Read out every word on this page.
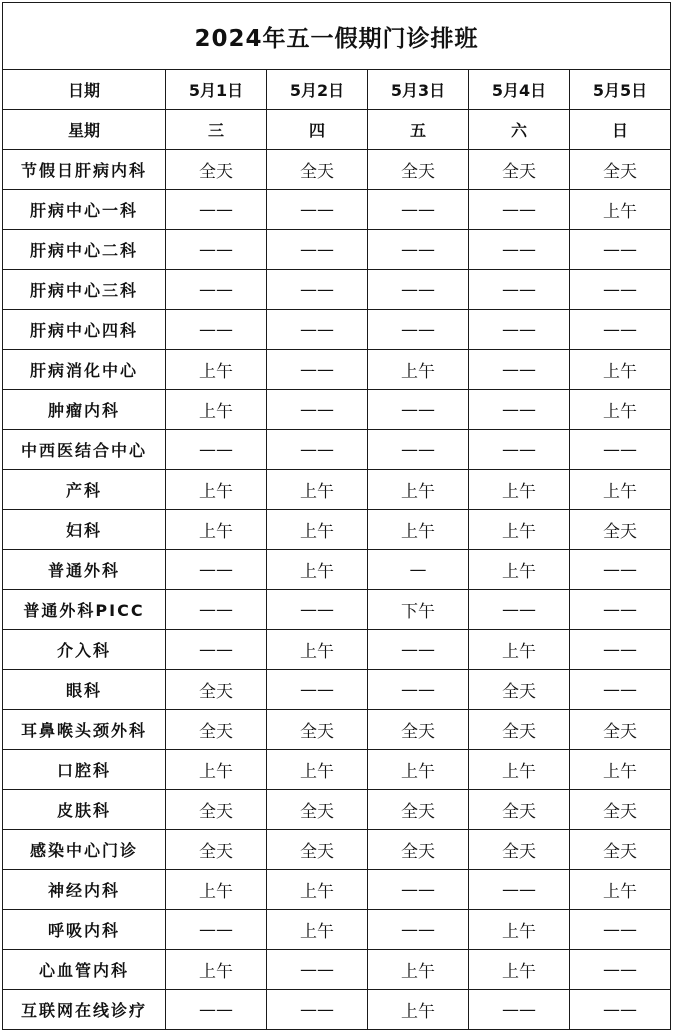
2024年五一假期门诊排班					
日期	5月1日	5月2日	5月3日	5月4日	5月5日
星期	三	四	五	六	日
节假日肝病内科	全天	全天	全天	全天	全天
肝病中心一科	——	——	——	——	上午
肝病中心二科	——	——	——	——	——
肝病中心三科	——	——	——	——	——
肝病中心四科	——	——	——	——	——
肝病消化中心	上午	——	上午	——	上午
肿瘤内科	上午	——	——	——	上午
中西医结合中心	——	——	——	——	——
产科	上午	上午	上午	上午	上午
妇科	上午	上午	上午	上午	全天
普通外科	——	上午	—	上午	——
普通外科PICC	——	——	下午	——	——
介入科	——	上午	——	上午	——
眼科	全天	——	——	全天	——
耳鼻喉头颈外科	全天	全天	全天	全天	全天
口腔科	上午	上午	上午	上午	上午
皮肤科	全天	全天	全天	全天	全天
感染中心门诊	全天	全天	全天	全天	全天
神经内科	上午	上午	——	——	上午
呼吸内科	——	上午	——	上午	——
心血管内科	上午	——	上午	上午	——
互联网在线诊疗	——	——	上午	——	——
